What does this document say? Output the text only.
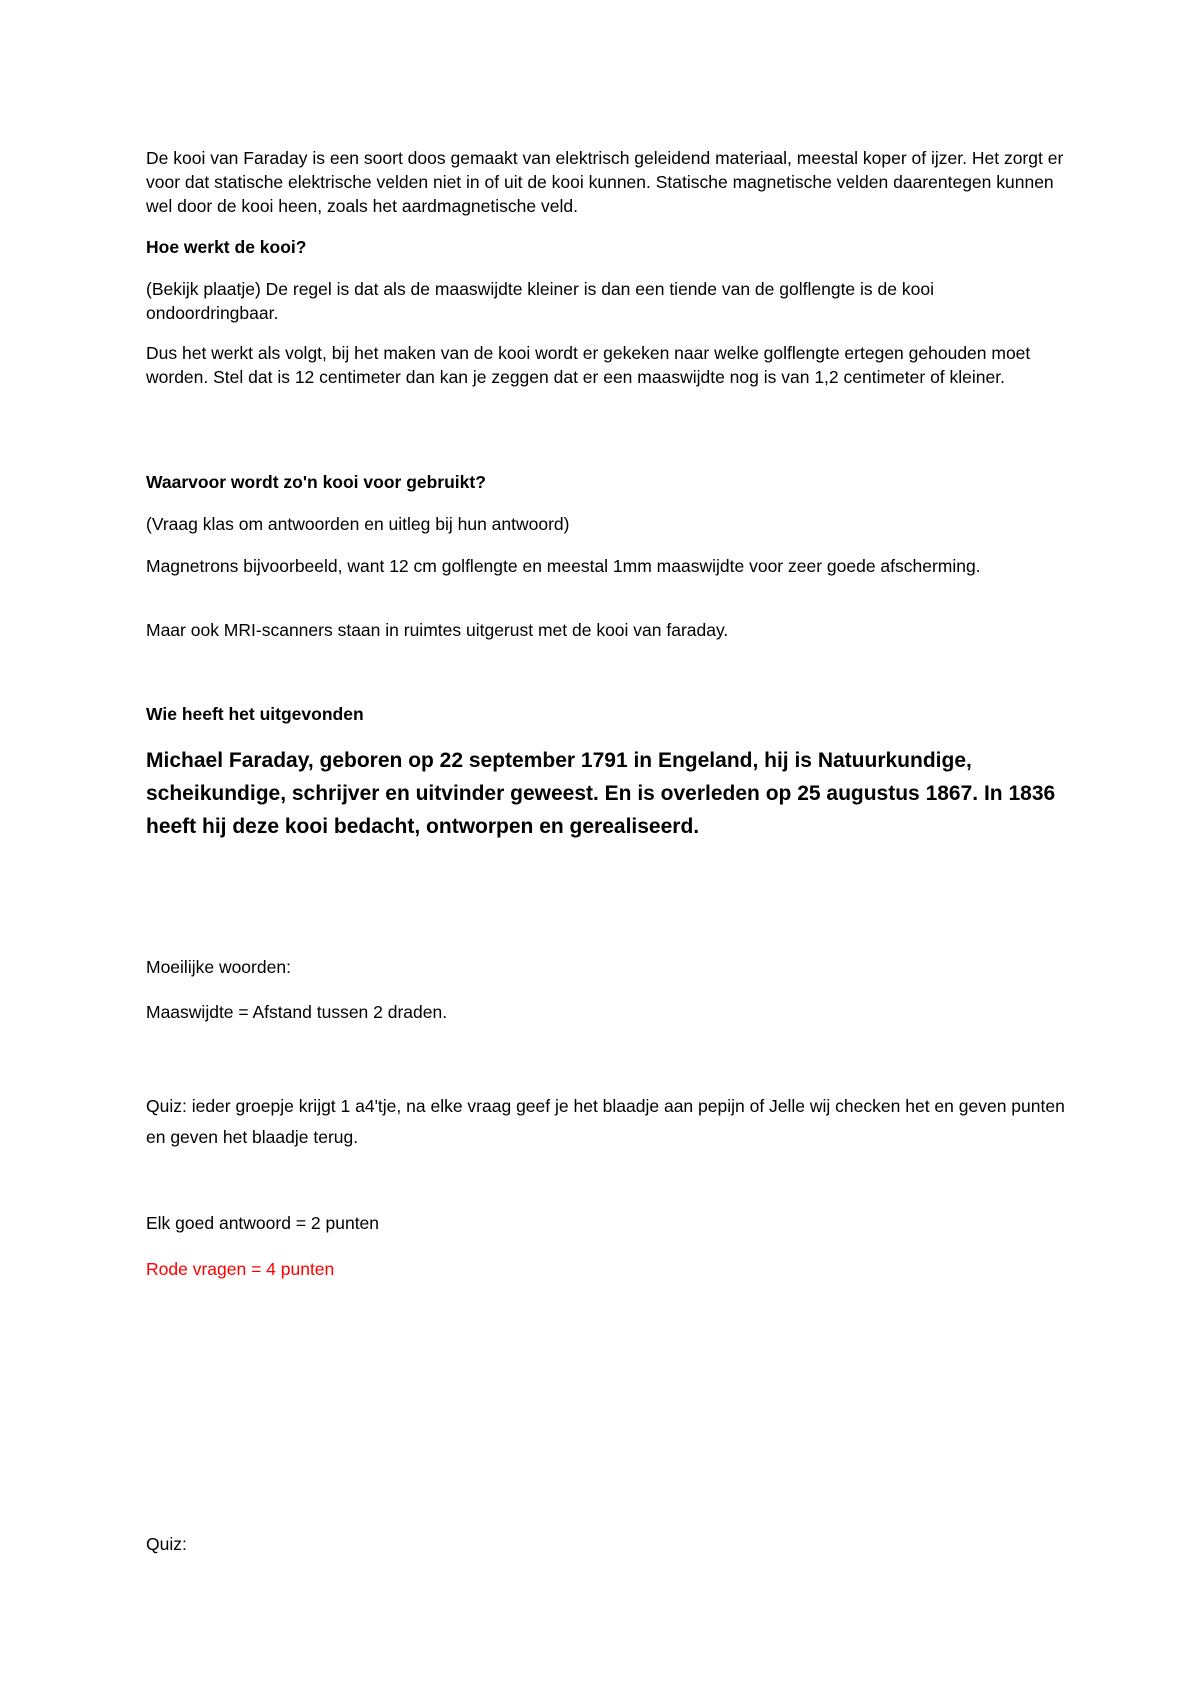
De kooi van Faraday is een soort doos gemaakt van elektrisch geleidend materiaal, meestal koper of ijzer. Het zorgt er voor dat statische elektrische velden niet in of uit de kooi kunnen. Statische magnetische velden daarentegen kunnen wel door de kooi heen, zoals het aardmagnetische veld.

Hoe werkt de kooi?

(Bekijk plaatje) De regel is dat als de maaswijdte kleiner is dan een tiende van de golflengte is de kooi ondoordringbaar.

Dus het werkt als volgt, bij het maken van de kooi wordt er gekeken naar welke golflengte ertegen gehouden moet worden. Stel dat is 12 centimeter dan kan je zeggen dat er een maaswijdte nog is van 1,2 centimeter of kleiner.

Waarvoor wordt zo'n kooi voor gebruikt?

(Vraag klas om antwoorden en uitleg bij hun antwoord)

Magnetrons bijvoorbeeld, want 12 cm golflengte en meestal 1mm maaswijdte voor zeer goede afscherming.

Maar ook MRI-scanners staan in ruimtes uitgerust met de kooi van faraday.

Wie heeft het uitgevonden

Michael Faraday, geboren op 22 september 1791 in Engeland, hij is Natuurkundige, scheikundige, schrijver en uitvinder geweest. En is overleden op 25 augustus 1867. In 1836 heeft hij deze kooi bedacht, ontworpen en gerealiseerd.

Moeilijke woorden:

Maaswijdte = Afstand tussen 2 draden.

Quiz: ieder groepje krijgt 1 a4'tje, na elke vraag geef je het blaadje aan pepijn of Jelle wij checken het en geven punten en geven het blaadje terug.

Elk goed antwoord = 2 punten

Rode vragen = 4 punten

Quiz:
